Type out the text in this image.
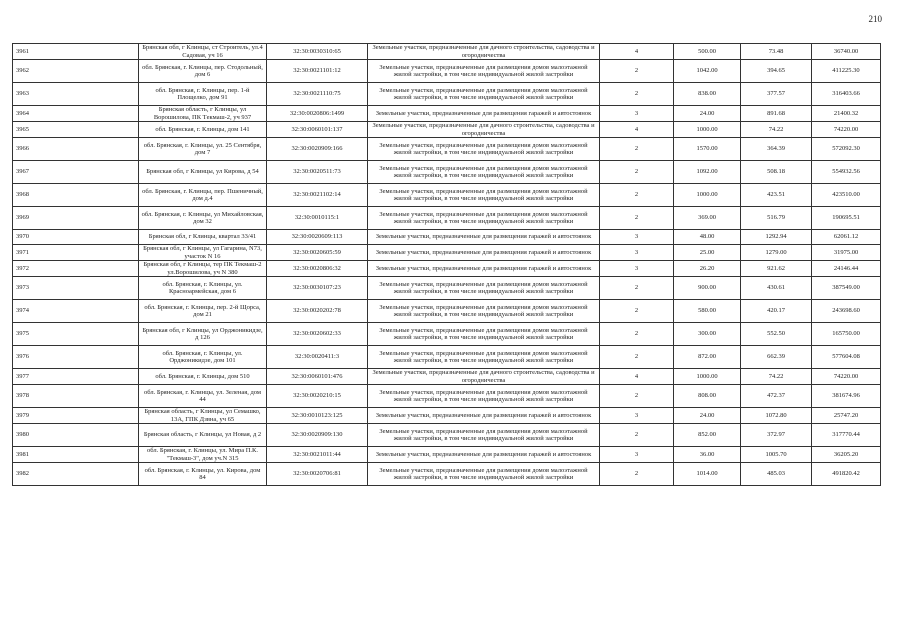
210
3961	Брянская обл, г Клинцы, ст Строитель, ул.4 Садовая, уч 16	32:30:0030310:65	Земельные участки, предназначенные для дачного строительства, садоводства и огородничества	4	500.00	73.48	36740.00
3962	обл. Брянская, г. Клинцы, пер. Стодольный, дом 6	32:30:0021101:12	Земельные участки, предназначенные для размещения домов малоэтажной жилой застройки, в том числе индивидуальной жилой застройки	2	1042.00	394.65	411225.30
3963	обл. Брянская, г. Клинцы, пер. 1-й Площелко, дом 91	32:30:0021110:75	Земельные участки, предназначенные для размещения домов малоэтажной жилой застройки, в том числе индивидуальной жилой застройки	2	838.00	377.57	316403.66
3964	Брянская область, г Клинцы, ул Ворошилова, ПК Тeкмаш-2, уч 937	32:30:0020806:1499	Земельные участки, предназначенные для размещения гаражей и автостоянок	3	24.00	891.68	21400.32
3965	обл. Брянская, г. Клинцы, дом 141	32:30:0060101:137	Земельные участки, предназначенные для дачного строительства, садоводства и огородничества	4	1000.00	74.22	74220.00
3966	обл. Брянская, г. Клинцы, ул. 25 Сентября, дом 7	32:30:0020909:166	Земельные участки, предназначенные для размещения домов малоэтажной жилой застройки, в том числе индивидуальной жилой застройки	2	1570.00	364.39	572092.30
3967	Брянская обл, г Клинцы, ул Кирова, д 54	32:30:0020511:73	Земельные участки, предназначенные для размещения домов малоэтажной жилой застройки, в том числе индивидуальной жилой застройки	2	1092.00	508.18	554932.56
3968	обл. Брянская, г. Клинцы, пер. Пшеничный, дом д.4	32:30:0021102:14	Земельные участки, предназначенные для размещения домов малоэтажной жилой застройки, в том числе индивидуальной жилой застройки	2	1000.00	423.51	423510.00
3969	обл. Брянская, г. Клинцы, ул Михайловская, дом 32	32:30:0010115:1	Земельные участки, предназначенные для размещения домов малоэтажной жилой застройки, в том числе индивидуальной жилой застройки	2	369.00	516.79	190695.51
3970	Брянская обл, г Клинцы, квартал 33/41	32:30:0020609:113	Земельные участки, предназначенные для размещения гаражей и автостоянок	3	48.00	1292.94	62061.12
3971	Брянская обл, г Клинцы, ул Гагарина, N73, участок N 16	32:30:0020605:59	Земельные участки, предназначенные для размещения гаражей и автостоянок	3	25.00	1279.00	31975.00
3972	Брянская обл, г Клинцы, тер ПК Текмаш-2 ул.Ворошилова, уч N 380	32:30:0020806:32	Земельные участки, предназначенные для размещения гаражей и автостоянок	3	26.20	921.62	24146.44
3973	обл. Брянская, г. Клинцы, ул. Красноармейская, дом 6	32:30:0030107:23	Земельные участки, предназначенные для размещения домов малоэтажной жилой застройки, в том числе индивидуальной жилой застройки	2	900.00	430.61	387549.00
3974	обл. Брянская, г. Клинцы, пер. 2-й Щорса, дом 21	32:30:0020202:78	Земельные участки, предназначенные для размещения домов малоэтажной жилой застройки, в том числе индивидуальной жилой застройки	2	580.00	420.17	243698.60
3975	Брянская обл, г Клинцы, ул Орджоникидзе, д 126	32:30:0020602:33	Земельные участки, предназначенные для размещения домов малоэтажной жилой застройки, в том числе индивидуальной жилой застройки	2	300.00	552.50	165750.00
3976	обл. Брянская, г. Клинцы, ул. Орджоникидзе, дом 101	32:30:0020411:3	Земельные участки, предназначенные для размещения домов малоэтажной жилой застройки, в том числе индивидуальной жилой застройки	2	872.00	662.39	577604.08
3977	обл. Брянская, г. Клинцы, дом 510	32:30:0060101:476	Земельные участки, предназначенные для дачного строительства, садоводства и огородничества	4	1000.00	74.22	74220.00
3978	обл. Брянская, г. Клинцы, ул. Зеленая, дом 44	32:30:0020210:15	Земельные участки, предназначенные для размещения домов малоэтажной жилой застройки, в том числе индивидуальной жилой застройки	2	808.00	472.37	381674.96
3979	Брянская область, г Клинцы, ул Семашко, 13А, ГПК Дзвна, уч 65	32:30:0010123:125	Земельные участки, предназначенные для размещения гаражей и автостоянок	3	24.00	1072.80	25747.20
3980	Брянская область, г Клинцы, ул Новая, д 2	32:30:0020909:130	Земельные участки, предназначенные для размещения домов малоэтажной жилой застройки, в том числе индивидуальной жилой застройки	2	852.00	372.97	317770.44
3981	обл. Брянская, г. Клинцы, ул. Мира П.К. "Текмаш-3", дом уч.N 315	32:30:0021011:44	Земельные участки, предназначенные для размещения гаражей и автостоянок	3	36.00	1005.70	36205.20
3982	обл. Брянская, г. Клинцы, ул. Кирова, дом 84	32:30:0020706:81	Земельные участки, предназначенные для размещения домов малоэтажной жилой застройки, в том числе индивидуальной жилой застройки	2	1014.00	485.03	491820.42
